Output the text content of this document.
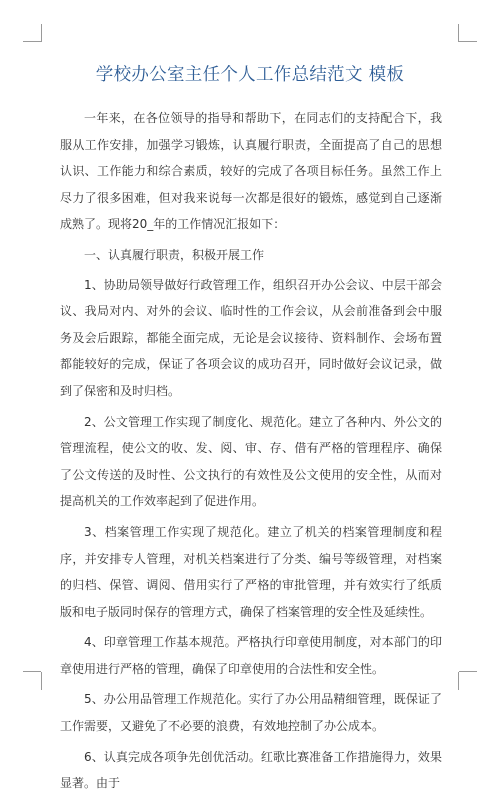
学校办公室主任个人工作总结范文 模板

一年来，在各位领导的指导和帮助下，在同志们的支持配合下，我服从工作安排，加强学习锻炼，认真履行职责，全面提高了自己的思想认识、工作能力和综合素质，较好的完成了各项目标任务。虽然工作上尽力了很多困难，但对我来说每一次都是很好的锻炼，感觉到自己逐渐成熟了。现将20_年的工作情况汇报如下：

一、认真履行职责，积极开展工作

1、协助局领导做好行政管理工作，组织召开办公会议、中层干部会议、我局对内、对外的会议、临时性的工作会议，从会前准备到会中服务及会后跟踪，都能全面完成，无论是会议接待、资料制作、会场布置都能较好的完成，保证了各项会议的成功召开，同时做好会议记录，做到了保密和及时归档。

2、公文管理工作实现了制度化、规范化。建立了各种内、外公文的管理流程，使公文的收、发、阅、审、存、借有严格的管理程序、确保了公文传送的及时性、公文执行的有效性及公文使用的安全性，从而对提高机关的工作效率起到了促进作用。

3、档案管理工作实现了规范化。建立了机关的档案管理制度和程序，并安排专人管理，对机关档案进行了分类、编号等级管理，对档案的归档、保管、调阅、借用实行了严格的审批管理，并有效实行了纸质版和电子版同时保存的管理方式，确保了档案管理的安全性及延续性。

4、印章管理工作基本规范。严格执行印章使用制度，对本部门的印章使用进行严格的管理，确保了印章使用的合法性和安全性。

5、办公用品管理工作规范化。实行了办公用品精细管理，既保证了工作需要，又避免了不必要的浪费，有效地控制了办公成本。

6、认真完成各项争先创优活动。红歌比赛准备工作措施得力，效果显著。由于
